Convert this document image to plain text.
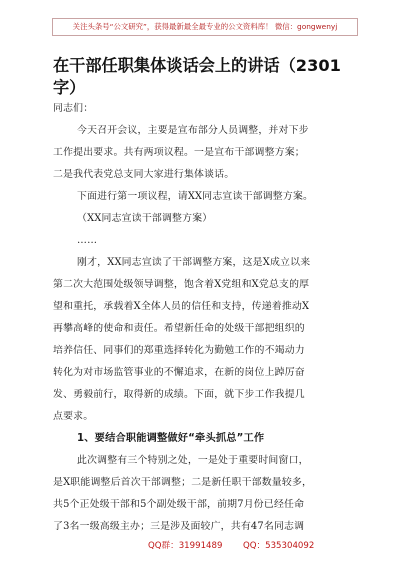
关注头条号“公文研究”，获得最新最全最专业的公文资料库！ 微信：gongwenyj
在干部任职集体谈话会上的讲话（2301字）
同志们：
今天召开会议，主要是宣布部分人员调整，并对下步
工作提出要求。共有两项议程。一是宣布干部调整方案；
二是我代表党总支同大家进行集体谈话。
下面进行第一项议程，请XX同志宣读干部调整方案。
（XX同志宣读干部调整方案）
……
刚才，XX同志宣读了干部调整方案，这是X成立以来
第二次大范围处级领导调整，饱含着X党组和X党总支的厚
望和重托，承载着X全体人员的信任和支持，传递着推动X
再攀高峰的使命和责任。希望新任命的处级干部把组织的
培养信任、同事们的郑重选择转化为勤勉工作的不竭动力
转化为对市场监管事业的不懈追求，在新的岗位上踔厉奋
发、勇毅前行，取得新的成绩。下面，就下步工作我提几
点要求。
1、要结合职能调整做好“牵头抓总”工作
此次调整有三个特别之处，一是处于重要时间窗口，
是X职能调整后首次干部调整；二是新任职干部数量较多，
共5个正处级干部和5个副处级干部，前期7月份已经任命
了3名一级高级主办；三是涉及面较广，共有47名同志调
QQ群：31991489 QQ：535304092
